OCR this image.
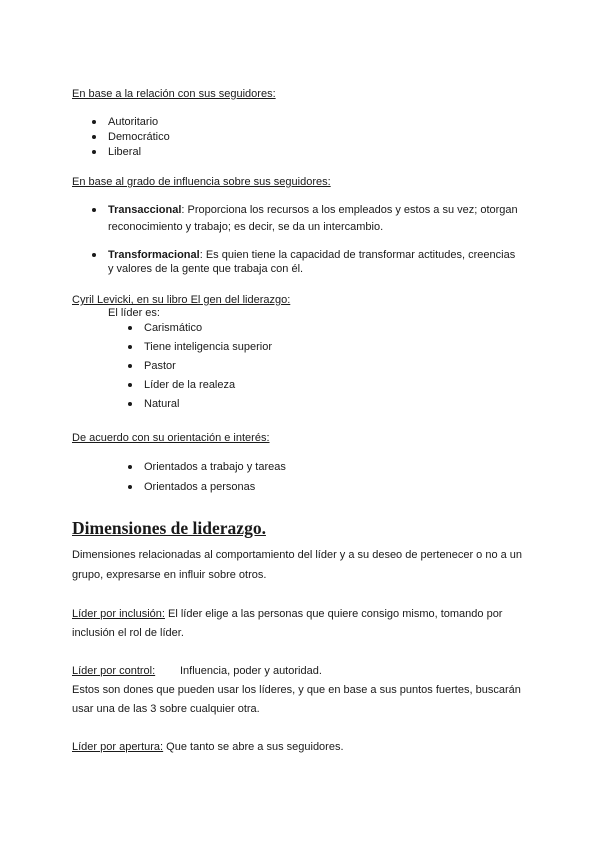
En base a la relación con sus seguidores:
Autoritario
Democrático
Liberal
En base al grado de influencia sobre sus seguidores:
Transaccional: Proporciona los recursos a los empleados y estos a su vez; otorgan
reconocimiento y trabajo; es decir, se da un intercambio.
Transformacional: Es quien tiene la capacidad de transformar actitudes, creencias
y valores de la gente que trabaja con él.
Cyril Levicki, en su libro El gen del liderazgo:
El líder es:
Carismático
Tiene inteligencia superior
Pastor
Líder de la realeza
Natural
De acuerdo con su orientación e interés:
Orientados a trabajo y tareas
Orientados a personas
Dimensiones de liderazgo.
Dimensiones relacionadas al comportamiento del líder y a su deseo de pertenecer o no a un
grupo, expresarse en influir sobre otros.
Líder por inclusión: El líder elige a las personas que quiere consigo mismo, tomando por
inclusión el rol de líder.
Líder por control: Influencia, poder y autoridad.
Estos son dones que pueden usar los líderes, y que en base a sus puntos fuertes, buscarán
usar una de las 3 sobre cualquier otra.
Líder por apertura: Que tanto se abre a sus seguidores.
